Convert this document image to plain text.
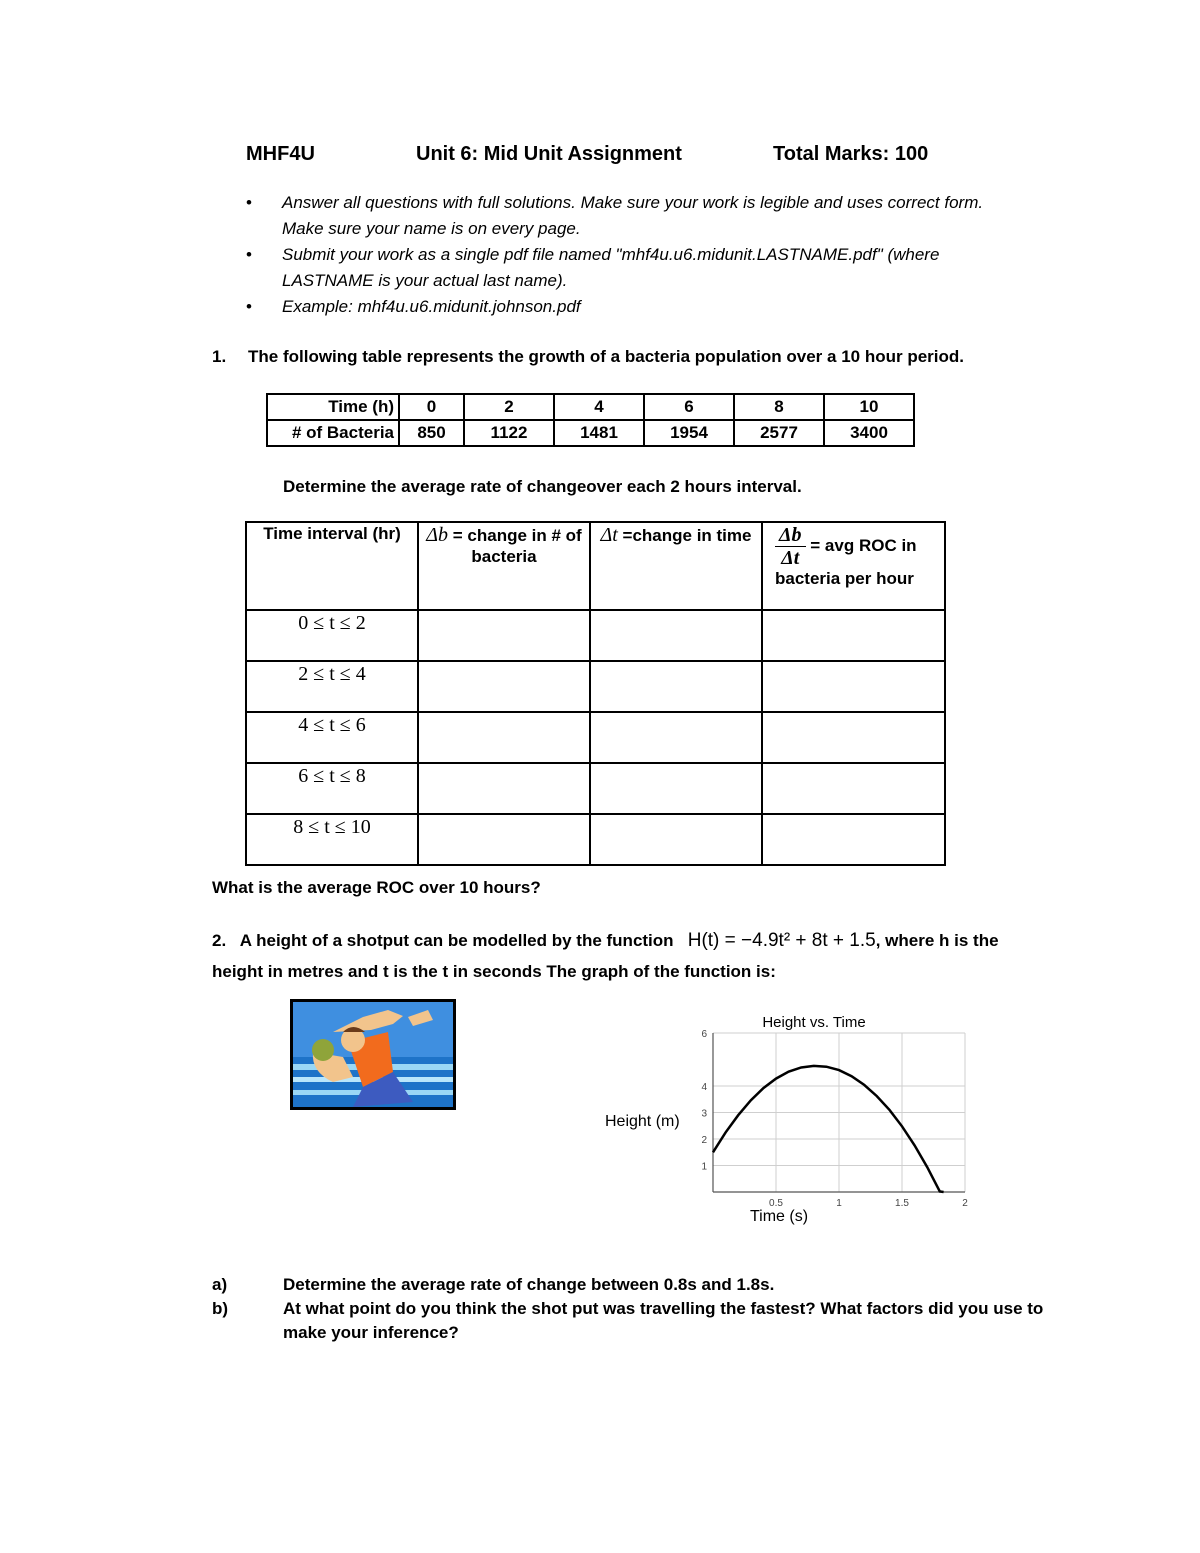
MHF4U	Unit 6: Mid Unit Assignment	Total Marks: 100
• Answer all questions with full solutions. Make sure your work is legible and uses correct form. Make sure your name is on every page.
• Submit your work as a single pdf file named "mhf4u.u6.midunit.LASTNAME.pdf" (where LASTNAME is your actual last name).
• Example: mhf4u.u6.midunit.johnson.pdf
1. The following table represents the growth of a bacteria population over a 10 hour period.
Time (h)	0	2	4	6	8	10
# of Bacteria	850	1122	1481	1954	2577	3400
Determine the average rate of changeover each 2 hours interval.
Time interval (hr)	Δb = change in # of bacteria	Δt =change in time	$\frac{\Delta b}{\Delta t}$ = avg ROC in
bacteria per hour
0 ≤ t ≤ 2			
2 ≤ t ≤ 4			
4 ≤ t ≤ 6			
6 ≤ t ≤ 8			
8 ≤ t ≤ 10			
What is the average ROC over 10 hours?
2. A height of a shotput can be modelled by the function H(t) = −4.9t² + 8t + 1.5, where h is the
height in metres and t is the t in seconds The graph of the function is:
Height vs. Time
Height (m)
Time (s)
0.5	1	1.5	2
1
2
3
4
6
a)	Determine the average rate of change between 0.8s and 1.8s.
b)	At what point do you think the shot put was travelling the fastest? What factors did you use to make your inference?
